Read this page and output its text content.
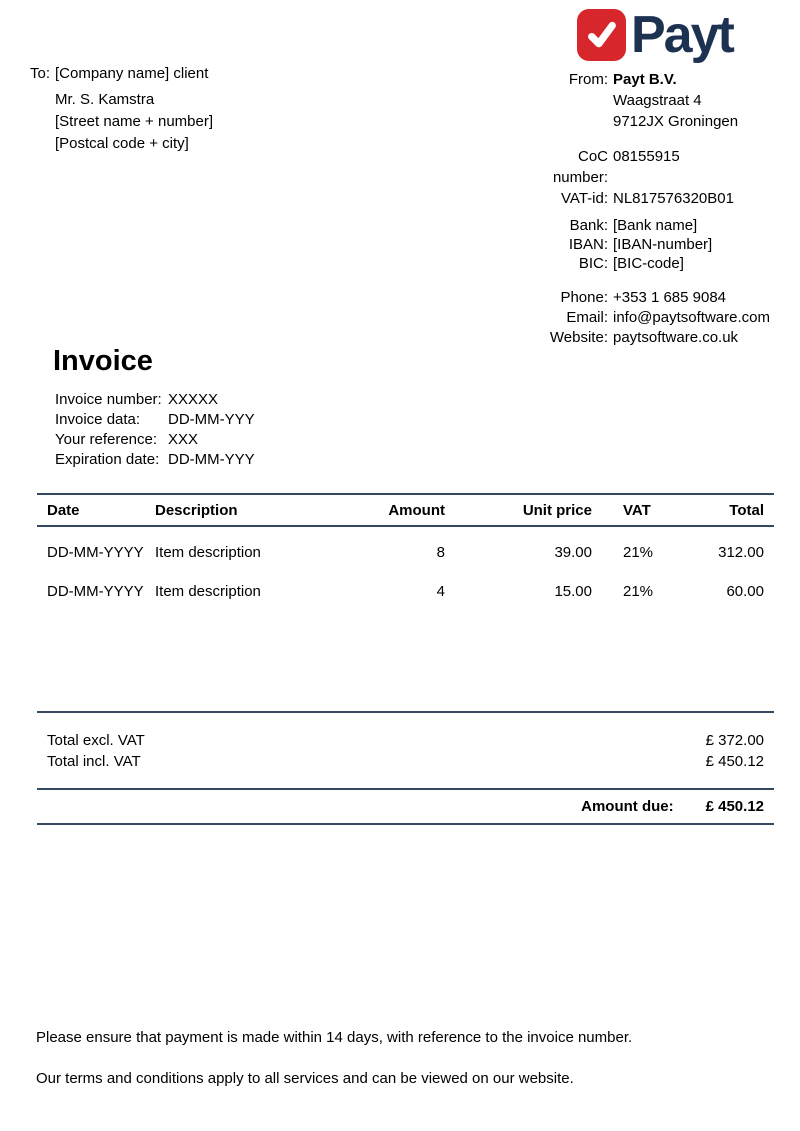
To: [Company name] client
Mr. S. Kamstra
[Street name + number]
[Postcal code + city]
Payt
From: Payt B.V.
Waagstraat 4
9712JX Groningen
CoC number:
08155915
VAT-id: NL817576320B01
Bank: [Bank name]
IBAN: [IBAN-number]
BIC: [BIC-code]
Phone: +353 1 685 9084
Email: info@paytsoftware.com
Website: paytsoftware.co.uk
Invoice
Invoice number: XXXXX
Invoice data:	DD-MM-YYY
Your reference: XXX
Expiration date: DD-MM-YYY
Date	Description	Amount	Unit price	VAT	Total
DD-MM-YYYY Item description	8	39.00	21%	312.00
DD-MM-YYYY Item description	4	15.00	21%	60.00
Total excl. VAT	£ 372.00
Total incl. VAT	£ 450.12
Amount due: £ 450.12

Please ensure that payment is made within 14 days, with reference to the invoice number.

Our terms and conditions apply to all services and can be viewed on our website.
